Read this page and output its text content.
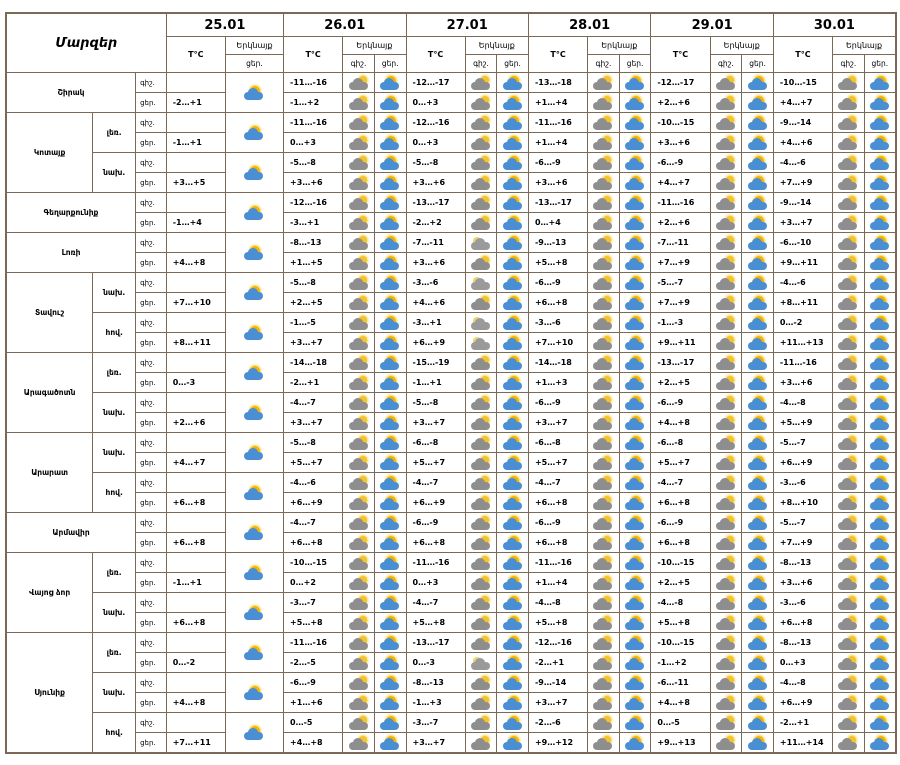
Մարզեր			25.01		26.01			27.01			28.01			29.01			30.01		
			T°C	Երկնայք	T°C	Երկնայք		T°C	Երկնայք		T°C	Երկնայք		T°C	Երկնայք		T°C	Երկնայք	
				ցեր.		գիշ.	ցեր.		գիշ.	ցեր.		գիշ.	ցեր.		գիշ.	ցեր.		գիշ.	ցեր.
Շիրակ		գիշ.			-11…-16			-12…-17			-13…-18			-12…-17			-10…-15	

		ցեր.	-2…+1		-1…+2			0…+3			+1…+4			+2…+6			+4…+7	

Կոտայք	լեռ.	գիշ.			-11…-16			-12…-16			-11…-16			-10…-15			-9…-14	

		ցեր.	-1…+1		0…+3			0…+3			+1…+4			+3…+6			+4…+6	

	նախ.	գիշ.			-5…-8			-5…-8			-6…-9			-6…-9			-4…-6	

		ցեր.	+3…+5		+3…+6			+3…+6			+3…+6			+4…+7			+7…+9	

Գեղարքունիք		գիշ.			-12…-16			-13…-17			-13…-17			-11…-16			-9…-14	

		ցեր.	-1…+4		-3…+1			-2…+2			0…+4			+2…+6			+3…+7	

Լոռի		գիշ.			-8…-13			-7…-11			-9…-13			-7…-11			-6…-10	

		ցեր.	+4…+8		+1…+5			+3…+6			+5…+8			+7…+9			+9…+11	

Տավուշ	նախ.	գիշ.			-5…-8			-3…-6			-6…-9			-5…-7			-4…-6	

		ցեր.	+7…+10		+2…+5			+4…+6			+6…+8			+7…+9			+8…+11	

	հով.	գիշ.			-1…-5			-3…+1			-3…-6			-1…-3			0…-2	

		ցեր.	+8…+11		+3…+7			+6…+9			+7…+10			+9…+11			+11…+13	

Արագածոտն	լեռ.	գիշ.			-14…-18			-15…-19			-14…-18			-13…-17			-11…-16	

		ցեր.	0…-3		-2…+1			-1…+1			+1…+3			+2…+5			+3…+6	

	նախ.	գիշ.			-4…-7			-5…-8			-6…-9			-6…-9			-4…-8	

		ցեր.	+2…+6		+3…+7			+3…+7			+3…+7			+4…+8			+5…+9	

Արարատ	նախ.	գիշ.			-5…-8			-6…-8			-6…-8			-6…-8			-5…-7	

		ցեր.	+4…+7		+5…+7			+5…+7			+5…+7			+5…+7			+6…+9	

	հով.	գիշ.			-4…-6			-4…-7			-4…-7			-4…-7			-3…-6	

		ցեր.	+6…+8		+6…+9			+6…+9			+6…+8			+6…+8			+8…+10	

Արմավիր		գիշ.			-4…-7			-6…-9			-6…-9			-6…-9			-5…-7	

		ցեր.	+6…+8		+6…+8			+6…+8			+6…+8			+6…+8			+7…+9	

Վայոց ձոր	լեռ.	գիշ.			-10…-15			-11…-16			-11…-16			-10…-15			-8…-13	

		ցեր.	-1…+1		0…+2			0…+3			+1…+4			+2…+5			+3…+6	

	նախ.	գիշ.			-3…-7			-4…-7			-4…-8			-4…-8			-3…-6	

		ցեր.	+6…+8		+5…+8			+5…+8			+5…+8			+5…+8			+6…+8	

Սյունիք	լեռ.	գիշ.			-11…-16			-13…-17			-12…-16			-10…-15			-8…-13	

		ցեր.	0…-2		-2…-5			0…-3			-2…+1			-1…+2			0…+3	

	նախ.	գիշ.			-6…-9			-8…-13			-9…-14			-6…-11			-4…-8	

		ցեր.	+4…+8		+1…+6			-1…+3			+3…+7			+4…+8			+6…+9	

	հով.	գիշ.			0…-5			-3…-7			-2…-6			0…-5			-2…+1	

		ցեր.	+7…+11		+4…+8			+3…+7			+9…+12			+9…+13			+11…+14	
